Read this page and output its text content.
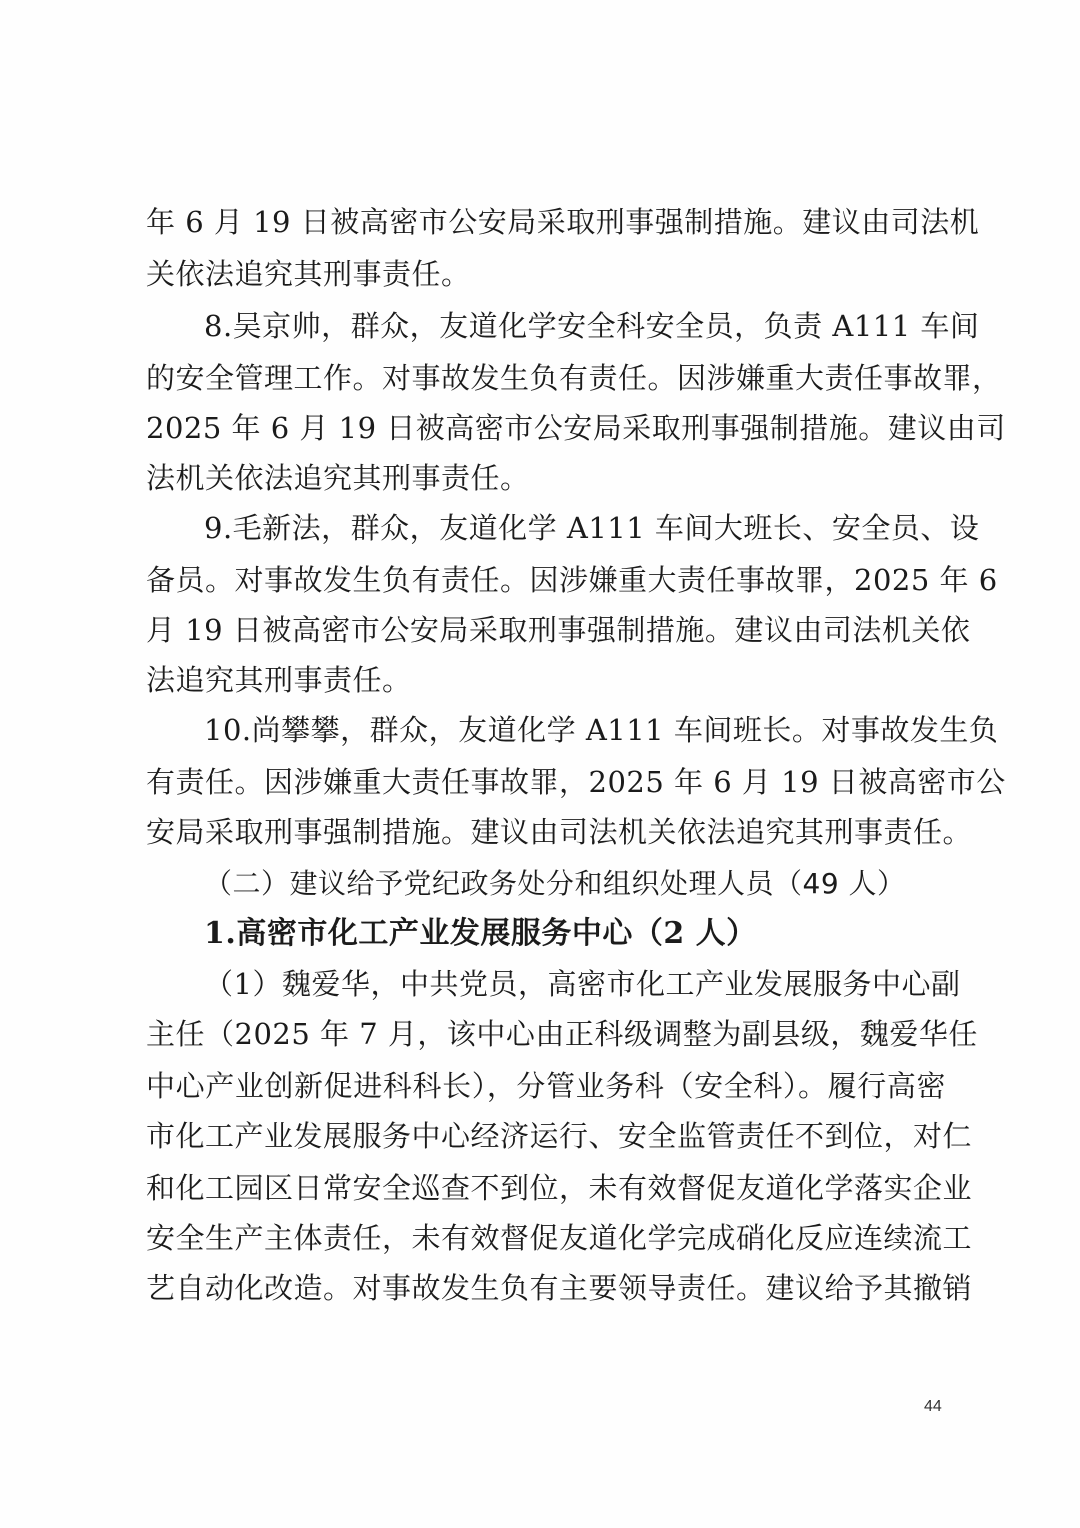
年 6 月 19 日被高密市公安局采取刑事强制措施。建议由司法机
关依法追究其刑事责任。
8.吴京帅，群众，友道化学安全科安全员，负责 A111 车间
的安全管理工作。对事故发生负有责任。因涉嫌重大责任事故罪，
2025 年 6 月 19 日被高密市公安局采取刑事强制措施。建议由司
法机关依法追究其刑事责任。
9.毛新法，群众，友道化学 A111 车间大班长、安全员、设
备员。对事故发生负有责任。因涉嫌重大责任事故罪，2025 年 6
月 19 日被高密市公安局采取刑事强制措施。建议由司法机关依
法追究其刑事责任。
10.尚攀攀，群众，友道化学 A111 车间班长。对事故发生负
有责任。因涉嫌重大责任事故罪，2025 年 6 月 19 日被高密市公
安局采取刑事强制措施。建议由司法机关依法追究其刑事责任。
（二）建议给予党纪政务处分和组织处理人员（49 人）
1.高密市化工产业发展服务中心（2 人）
（1）魏爱华，中共党员，高密市化工产业发展服务中心副
主任（2025 年 7 月，该中心由正科级调整为副县级，魏爱华任
中心产业创新促进科科长），分管业务科（安全科）。履行高密
市化工产业发展服务中心经济运行、安全监管责任不到位，对仁
和化工园区日常安全巡查不到位，未有效督促友道化学落实企业
安全生产主体责任，未有效督促友道化学完成硝化反应连续流工
艺自动化改造。对事故发生负有主要领导责任。建议给予其撤销
44
